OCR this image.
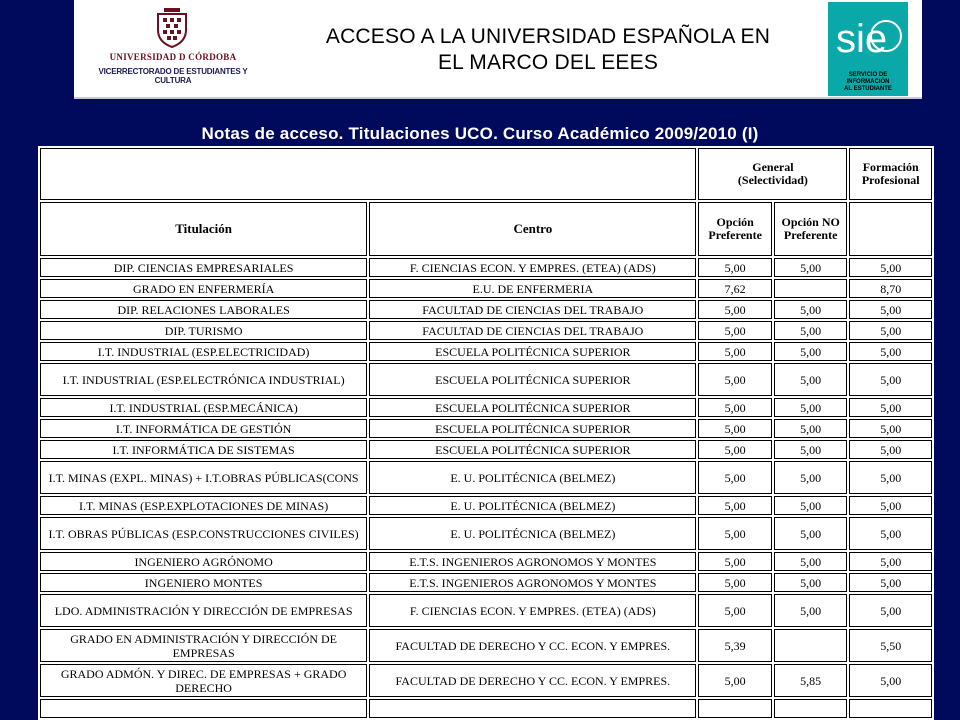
UNIVERSIDAD D CÓRDOBA
VICERRECTORADO DE ESTUDIANTES Y CULTURA
ACCESO A LA UNIVERSIDAD ESPAÑOLA EN
EL MARCO DEL EEES
sie
SERVICIO DE
INFORMACIÓN
AL ESTUDIANTE
Notas de acceso. Titulaciones UCO. Curso Académico 2009/2010 (I)
		General (Selectividad)		Formación Profesional
Titulación	Centro	Opción Preferente	Opción NO Preferente	
DIP. CIENCIAS EMPRESARIALES	F. CIENCIAS ECON. Y EMPRES. (ETEA) (ADS)	5,00	5,00	5,00
GRADO EN ENFERMERÍA	E.U. DE ENFERMERIA	7,62		8,70
DIP. RELACIONES LABORALES	FACULTAD DE CIENCIAS DEL TRABAJO	5,00	5,00	5,00
DIP. TURISMO	FACULTAD DE CIENCIAS DEL TRABAJO	5,00	5,00	5,00
I.T. INDUSTRIAL (ESP.ELECTRICIDAD)	ESCUELA POLITÉCNICA SUPERIOR	5,00	5,00	5,00
I.T. INDUSTRIAL (ESP.ELECTRÓNICA INDUSTRIAL)	ESCUELA POLITÉCNICA SUPERIOR	5,00	5,00	5,00
I.T. INDUSTRIAL (ESP.MECÁNICA)	ESCUELA POLITÉCNICA SUPERIOR	5,00	5,00	5,00
I.T. INFORMÁTICA DE GESTIÓN	ESCUELA POLITÉCNICA SUPERIOR	5,00	5,00	5,00
I.T. INFORMÁTICA DE SISTEMAS	ESCUELA POLITÉCNICA SUPERIOR	5,00	5,00	5,00
I.T. MINAS (EXPL. MINAS) + I.T.OBRAS PÚBLICAS(CONS	E. U. POLITÉCNICA (BELMEZ)	5,00	5,00	5,00
I.T. MINAS (ESP.EXPLOTACIONES DE MINAS)	E. U. POLITÉCNICA (BELMEZ)	5,00	5,00	5,00
I.T. OBRAS PÚBLICAS (ESP.CONSTRUCCIONES CIVILES)	E. U. POLITÉCNICA (BELMEZ)	5,00	5,00	5,00
INGENIERO AGRÓNOMO	E.T.S. INGENIEROS AGRONOMOS Y MONTES	5,00	5,00	5,00
INGENIERO MONTES	E.T.S. INGENIEROS AGRONOMOS Y MONTES	5,00	5,00	5,00
LDO. ADMINISTRACIÓN Y DIRECCIÓN DE EMPRESAS	F. CIENCIAS ECON. Y EMPRES. (ETEA) (ADS)	5,00	5,00	5,00
GRADO EN ADMINISTRACIÓN Y DIRECCIÓN DE EMPRESAS	FACULTAD DE DERECHO Y CC. ECON. Y EMPRES.	5,39		5,50
GRADO ADMÓN. Y DIREC. DE EMPRESAS + GRADO DERECHO	FACULTAD DE DERECHO Y CC. ECON. Y EMPRES.	5,00	5,85	5,00
